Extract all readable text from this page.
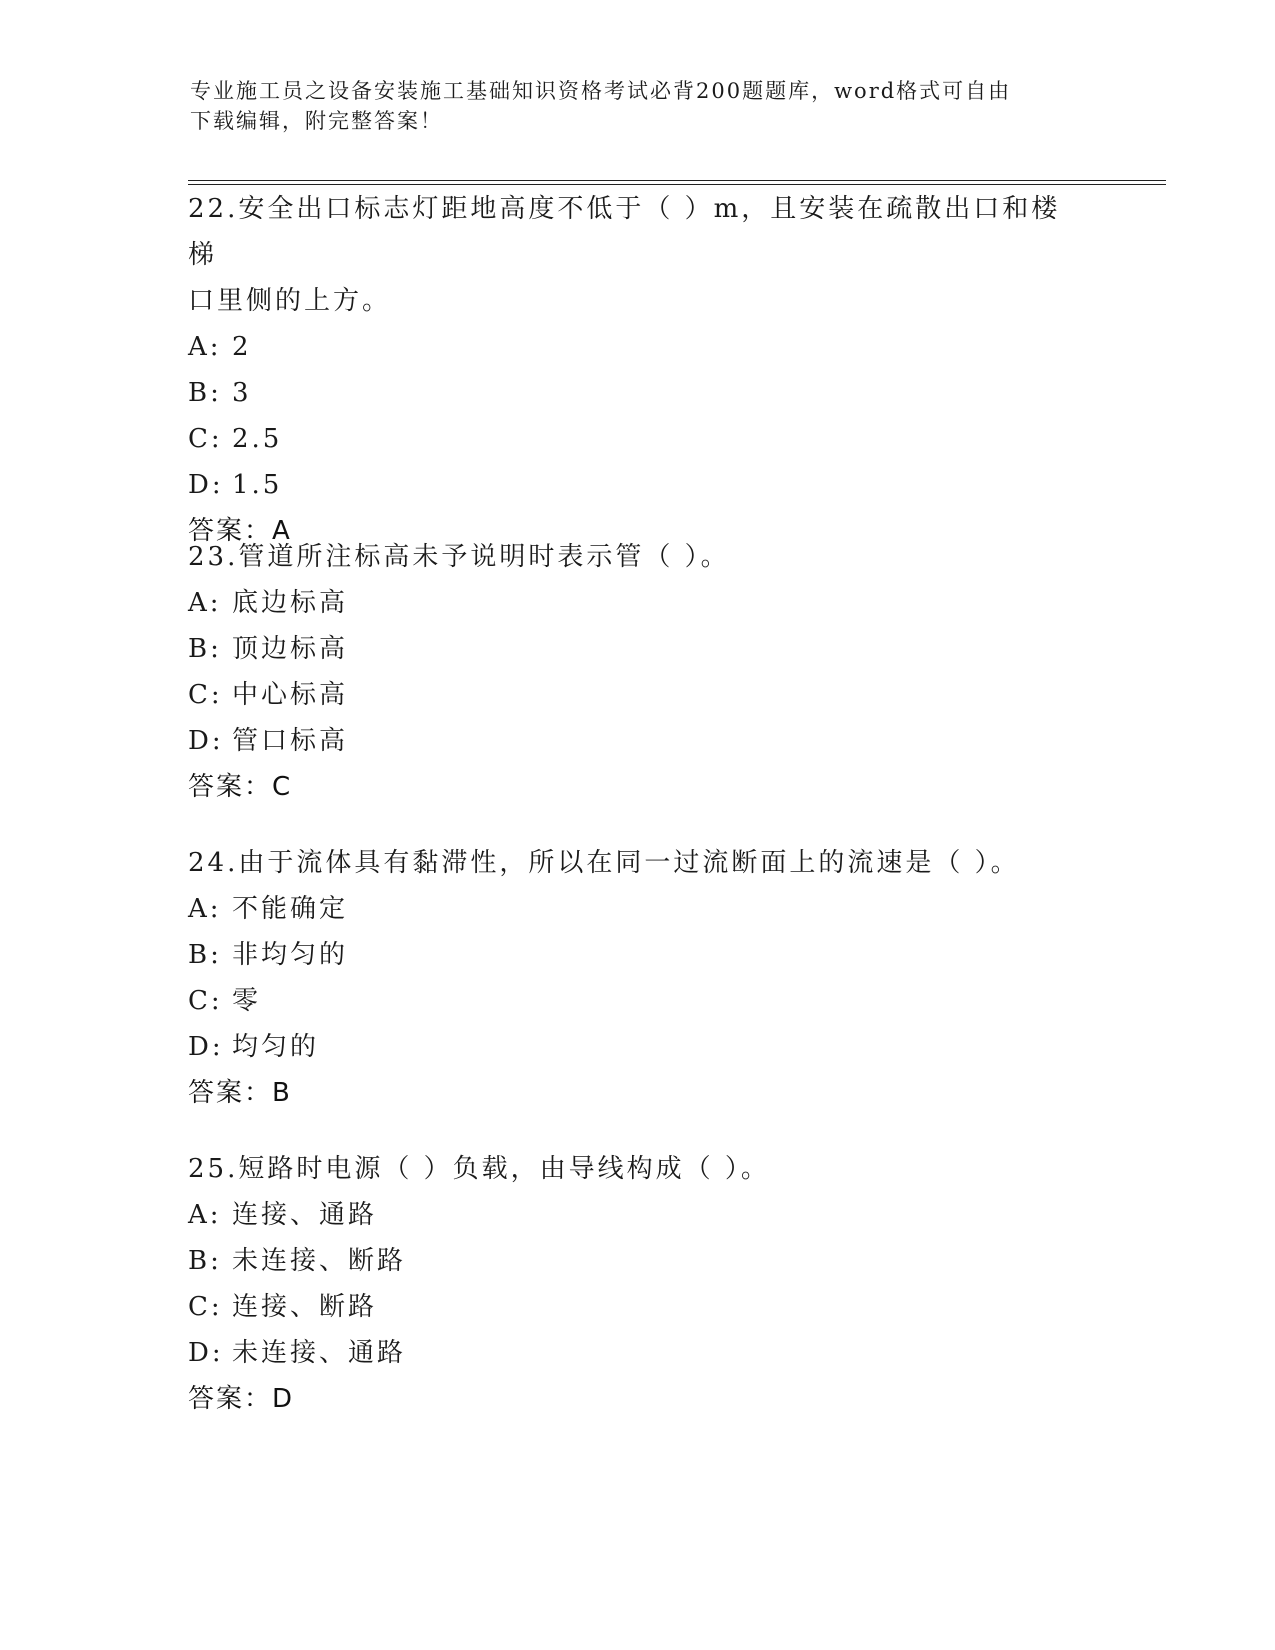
专业施工员之设备安装施工基础知识资格考试必背200题题库，word格式可自由
下载编辑，附完整答案！
22.安全出口标志灯距地高度不低于（ ）m，且安装在疏散出口和楼梯
口里侧的上方。
A: 2
B: 3
C: 2.5
D: 1.5
答案：A
23.管道所注标高未予说明时表示管（ ）。
A: 底边标高
B: 顶边标高
C: 中心标高
D: 管口标高
答案：C
24.由于流体具有黏滞性，所以在同一过流断面上的流速是（ ）。
A: 不能确定
B: 非均匀的
C: 零
D: 均匀的
答案：B
25.短路时电源（ ）负载，由导线构成（ ）。
A: 连接、通路
B: 未连接、断路
C: 连接、断路
D: 未连接、通路
答案：D
